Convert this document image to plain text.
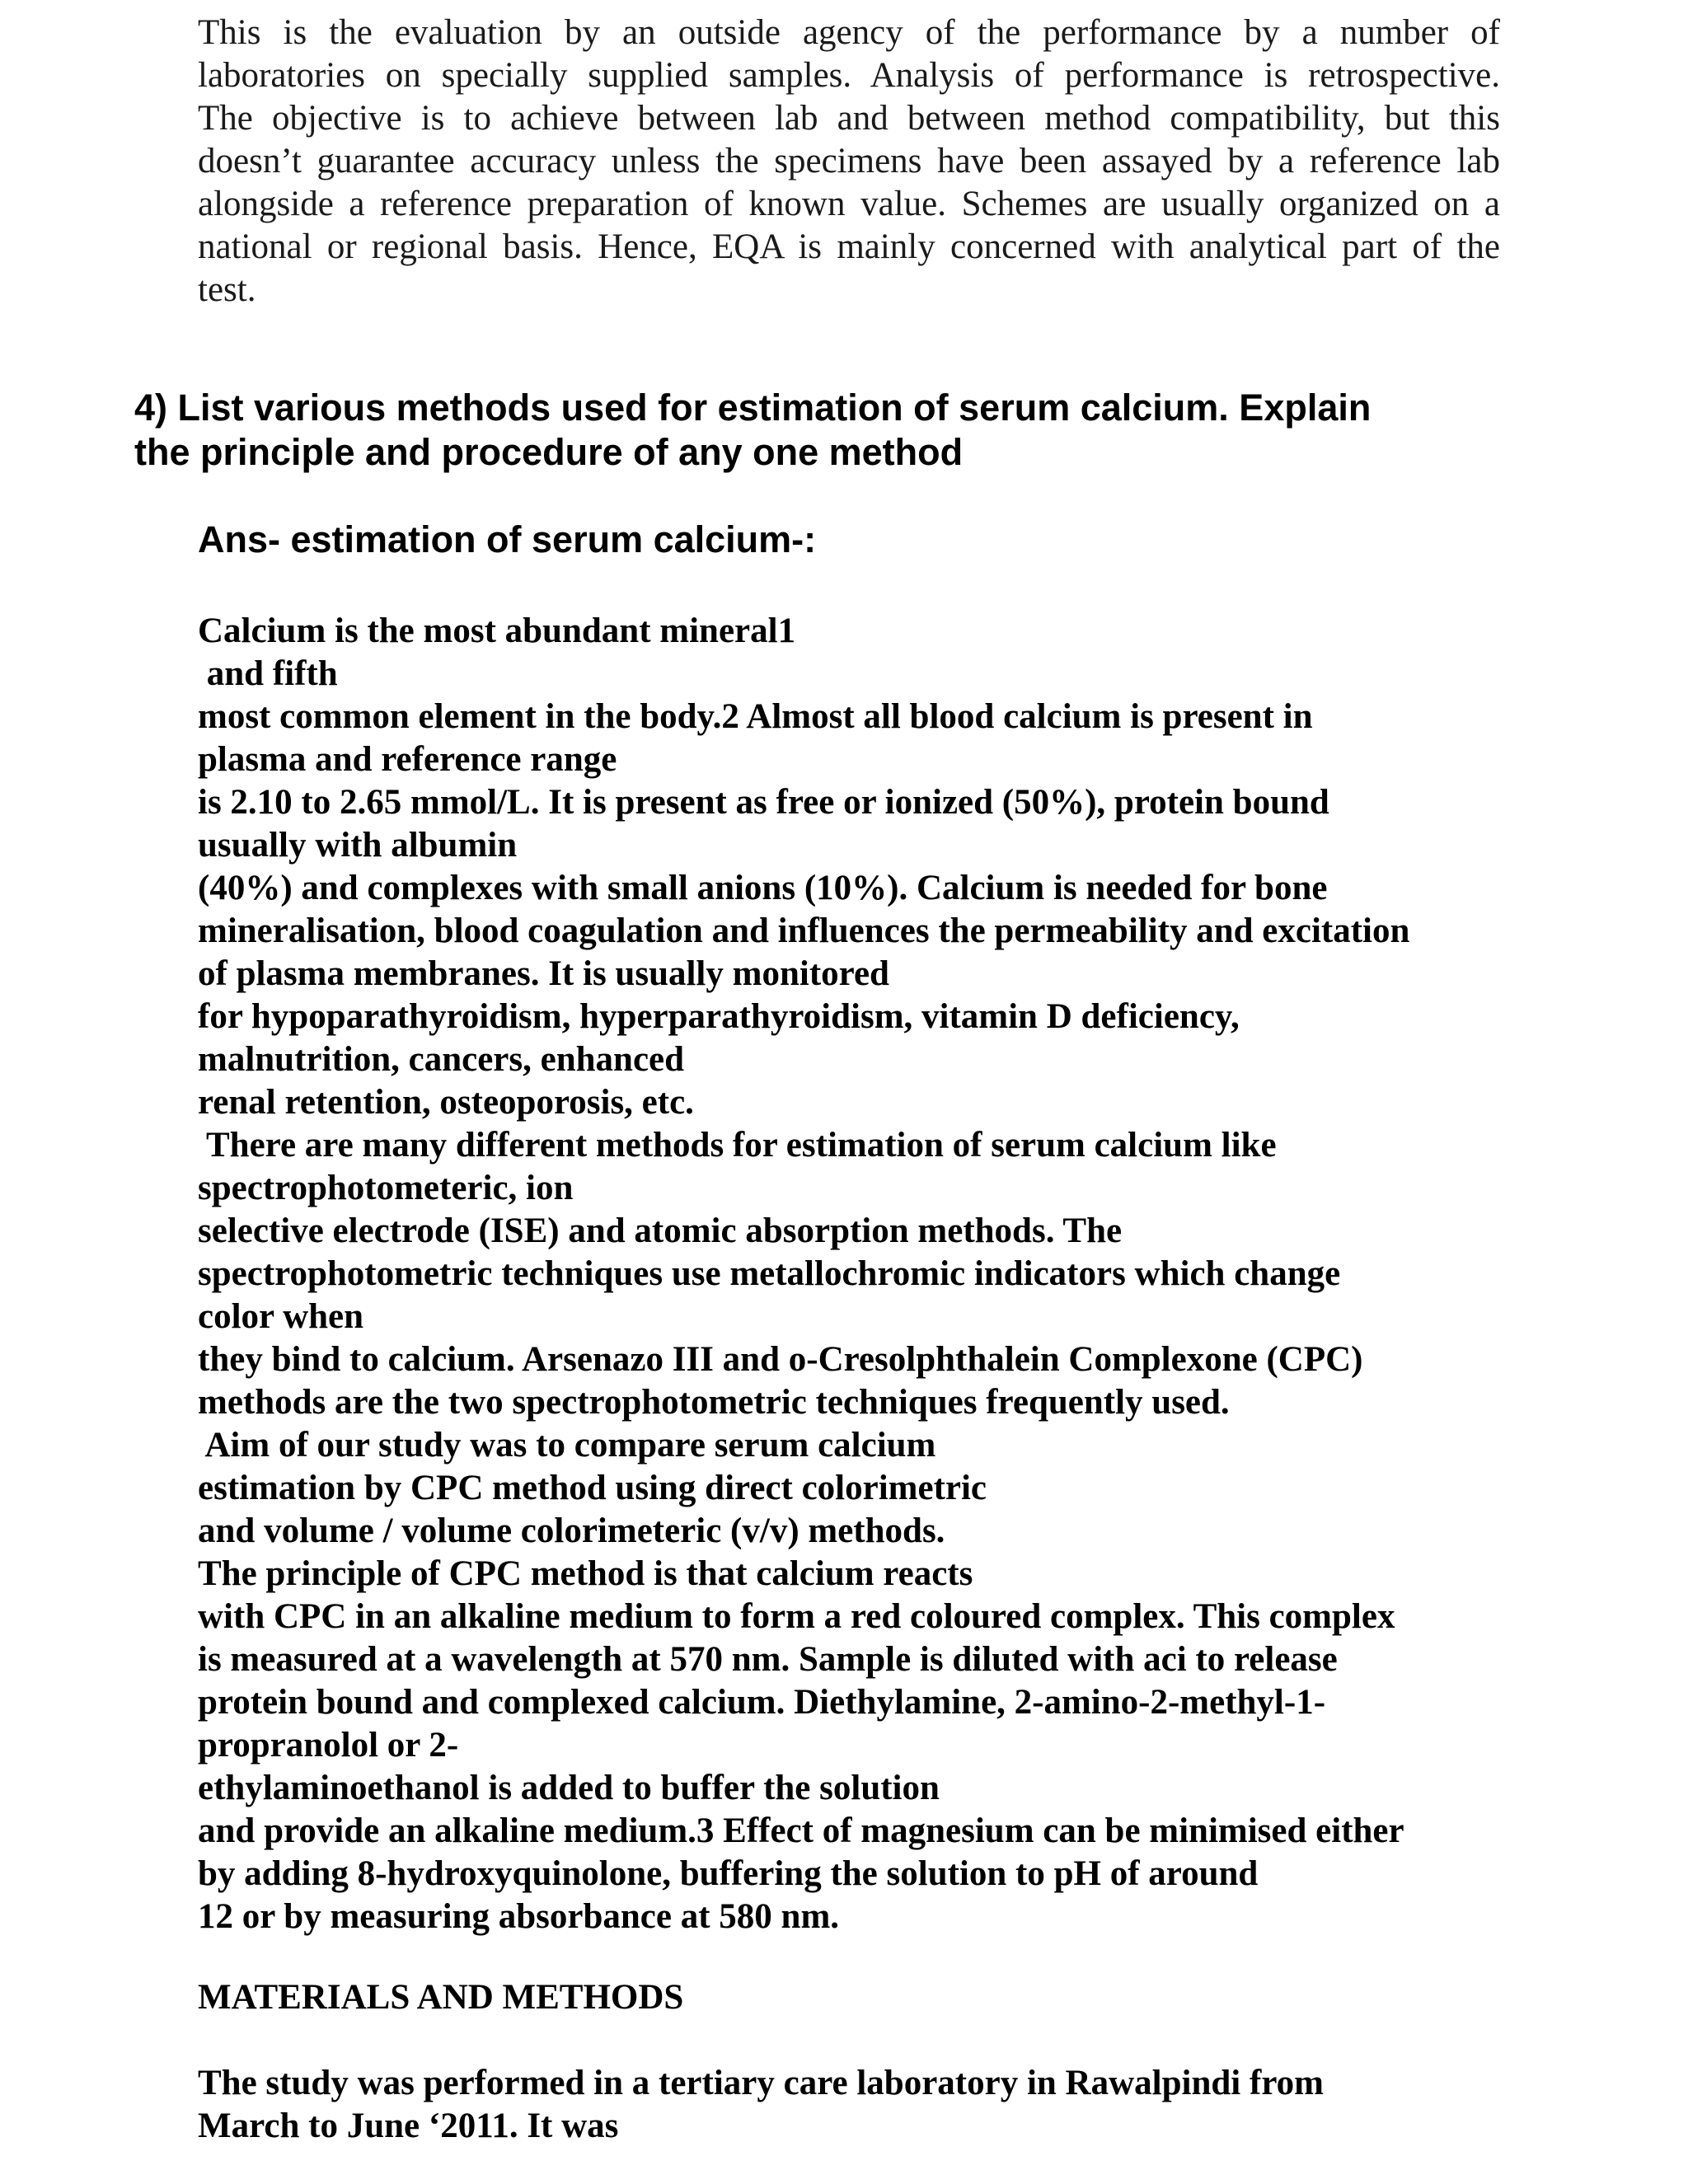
This is the evaluation by an outside agency of the performance by a number of
laboratories on specially supplied samples. Analysis of performance is retrospective.
The objective is to achieve between lab and between method compatibility, but this
doesn’t guarantee accuracy unless the specimens have been assayed by a reference lab
alongside a reference preparation of known value. Schemes are usually organized on a
national or regional basis. Hence, EQA is mainly concerned with analytical part of the
test.
4) List various methods used for estimation of serum calcium. Explain
the principle and procedure of any one method
Ans- estimation of serum calcium-:
Calcium is the most abundant mineral1
and fifth
most common element in the body.2 Almost all blood calcium is present in
plasma and reference range
is 2.10 to 2.65 mmol/L. It is present as free or ionized (50%), protein bound
usually with albumin
(40%) and complexes with small anions (10%). Calcium is needed for bone
mineralisation, blood coagulation and influences the permeability and excitation
of plasma membranes. It is usually monitored
for hypoparathyroidism, hyperparathyroidism, vitamin D deficiency,
malnutrition, cancers, enhanced
renal retention, osteoporosis, etc.
There are many different methods for estimation of serum calcium like
spectrophotometeric, ion
selective electrode (ISE) and atomic absorption methods. The
spectrophotometric techniques use metallochromic indicators which change
color when
they bind to calcium. Arsenazo III and o-Cresolphthalein Complexone (CPC)
methods are the two spectrophotometric techniques frequently used.
Aim of our study was to compare serum calcium
estimation by CPC method using direct colorimetric
and volume / volume colorimeteric (v/v) methods.
The principle of CPC method is that calcium reacts
with CPC in an alkaline medium to form a red coloured complex. This complex
is measured at a wavelength at 570 nm. Sample is diluted with aci to release
protein bound and complexed calcium. Diethylamine, 2-amino-2-methyl-1-
propranolol or 2-
ethylaminoethanol is added to buffer the solution
and provide an alkaline medium.3 Effect of magnesium can be minimised either
by adding 8-hydroxyquinolone, buffering the solution to pH of around
12 or by measuring absorbance at 580 nm.
MATERIALS AND METHODS
The study was performed in a tertiary care laboratory in Rawalpindi from
March to June ‘2011. It was
